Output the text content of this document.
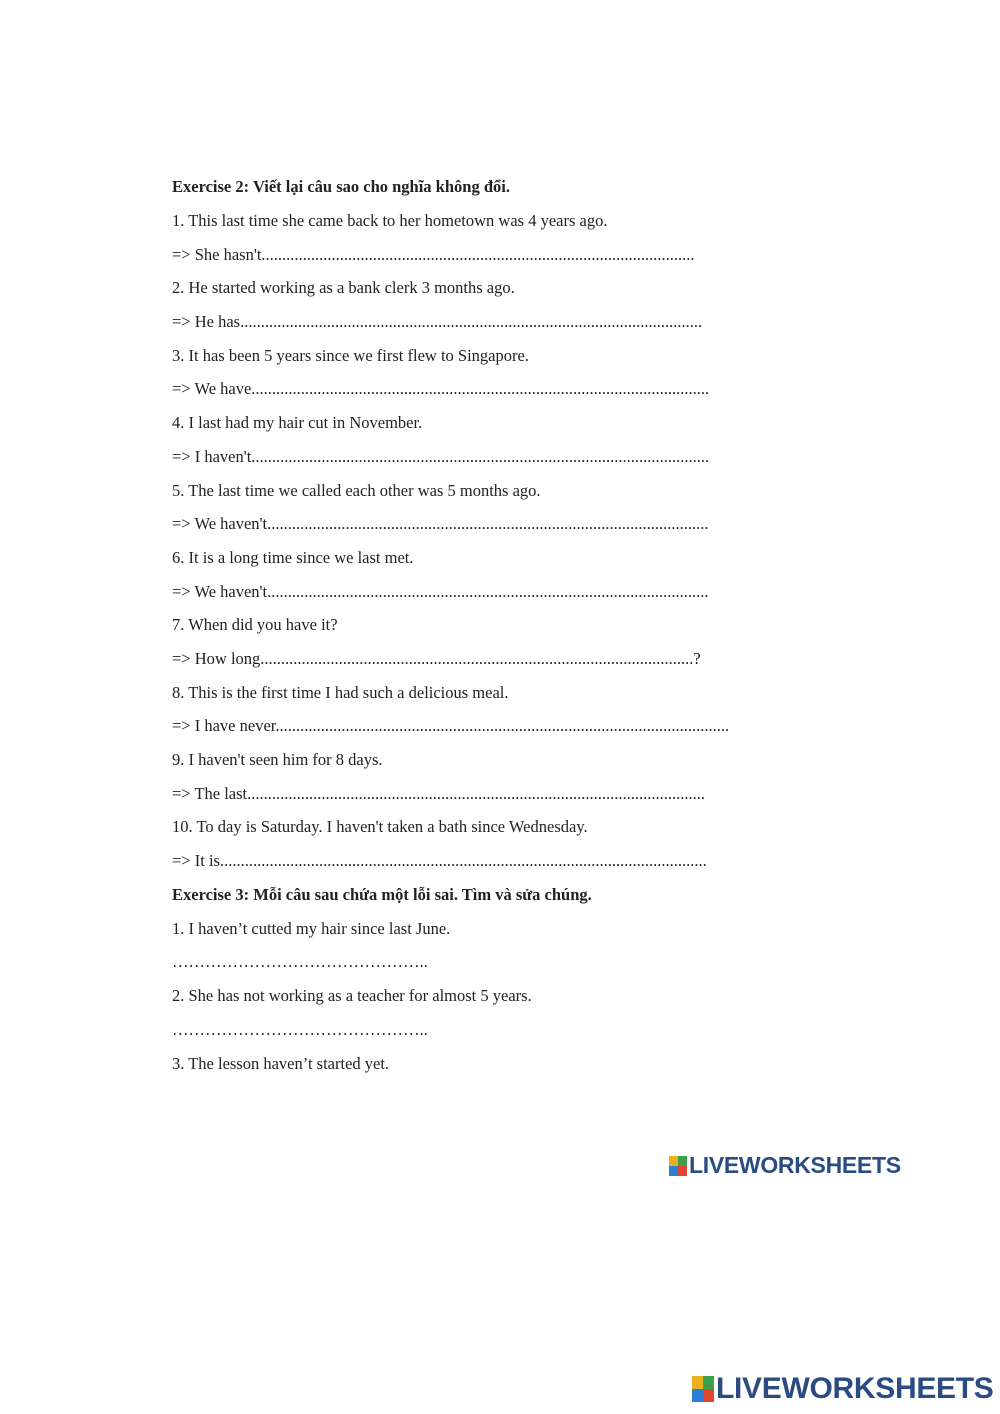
Exercise 2: Viết lại câu sao cho nghĩa không đổi.
1. This last time she came back to her hometown was 4 years ago.
=> She hasn't.........................................................................................................
2. He started working as a bank clerk 3 months ago.
=> He has................................................................................................................
3. It has been 5 years since we first flew to Singapore.
=> We have...............................................................................................................
4. I last had my hair cut in November.
=> I haven't...............................................................................................................
5. The last time we called each other was 5 months ago.
=> We haven't...........................................................................................................
6. It is a long time since we last met.
=> We haven't...........................................................................................................
7. When did you have it?
=> How long.........................................................................................................?
8. This is the first time I had such a delicious meal.
=> I have never..............................................................................................................
9. I haven't seen him for 8 days.
=> The last...............................................................................................................
10. To day is Saturday. I haven't taken a bath since Wednesday.
=> It is......................................................................................................................
Exercise 3: Mỗi câu sau chứa một lỗi sai. Tìm và sửa chúng.
1. I haven’t cutted my hair since last June.
………………………………………..
2. She has not working as a teacher for almost 5 years.
………………………………………..
3. The lesson haven’t started yet.
LIVEWORKSHEETS
LIVEWORKSHEETS
